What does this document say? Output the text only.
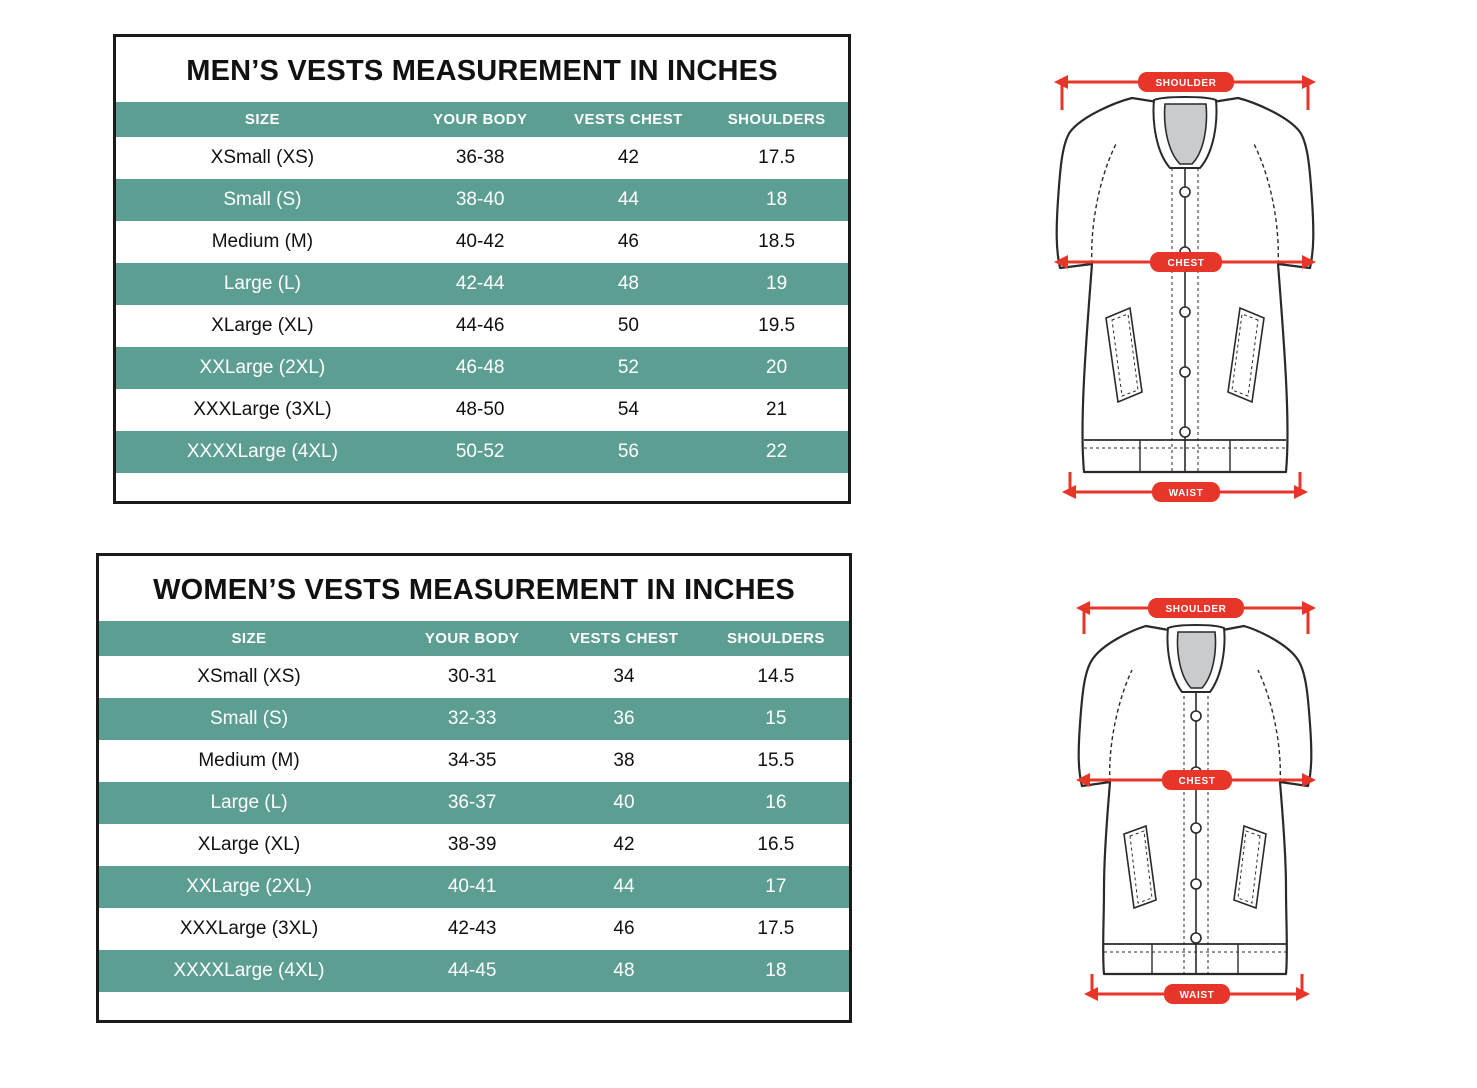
MEN’S VESTS MEASUREMENT IN INCHES
SIZE	YOUR BODY	VESTS CHEST	SHOULDERS
XSmall (XS)	36-38	42	17.5
Small (S)	38-40	44	18
Medium (M)	40-42	46	18.5
Large (L)	42-44	48	19
XLarge (XL)	44-46	50	19.5
XXLarge (2XL)	46-48	52	20
XXXLarge (3XL)	48-50	54	21
XXXXLarge (4XL)	50-52	56	22
WOMEN’S VESTS MEASUREMENT IN INCHES
SIZE	YOUR BODY	VESTS CHEST	SHOULDERS
XSmall (XS)	30-31	34	14.5
Small (S)	32-33	36	15
Medium (M)	34-35	38	15.5
Large (L)	36-37	40	16
XLarge (XL)	38-39	42	16.5
XXLarge (2XL)	40-41	44	17
XXXLarge (3XL)	42-43	46	17.5
XXXXLarge (4XL)	44-45	48	18
SHOULDER
CHEST
WAIST
SHOULDER
CHEST
WAIST
